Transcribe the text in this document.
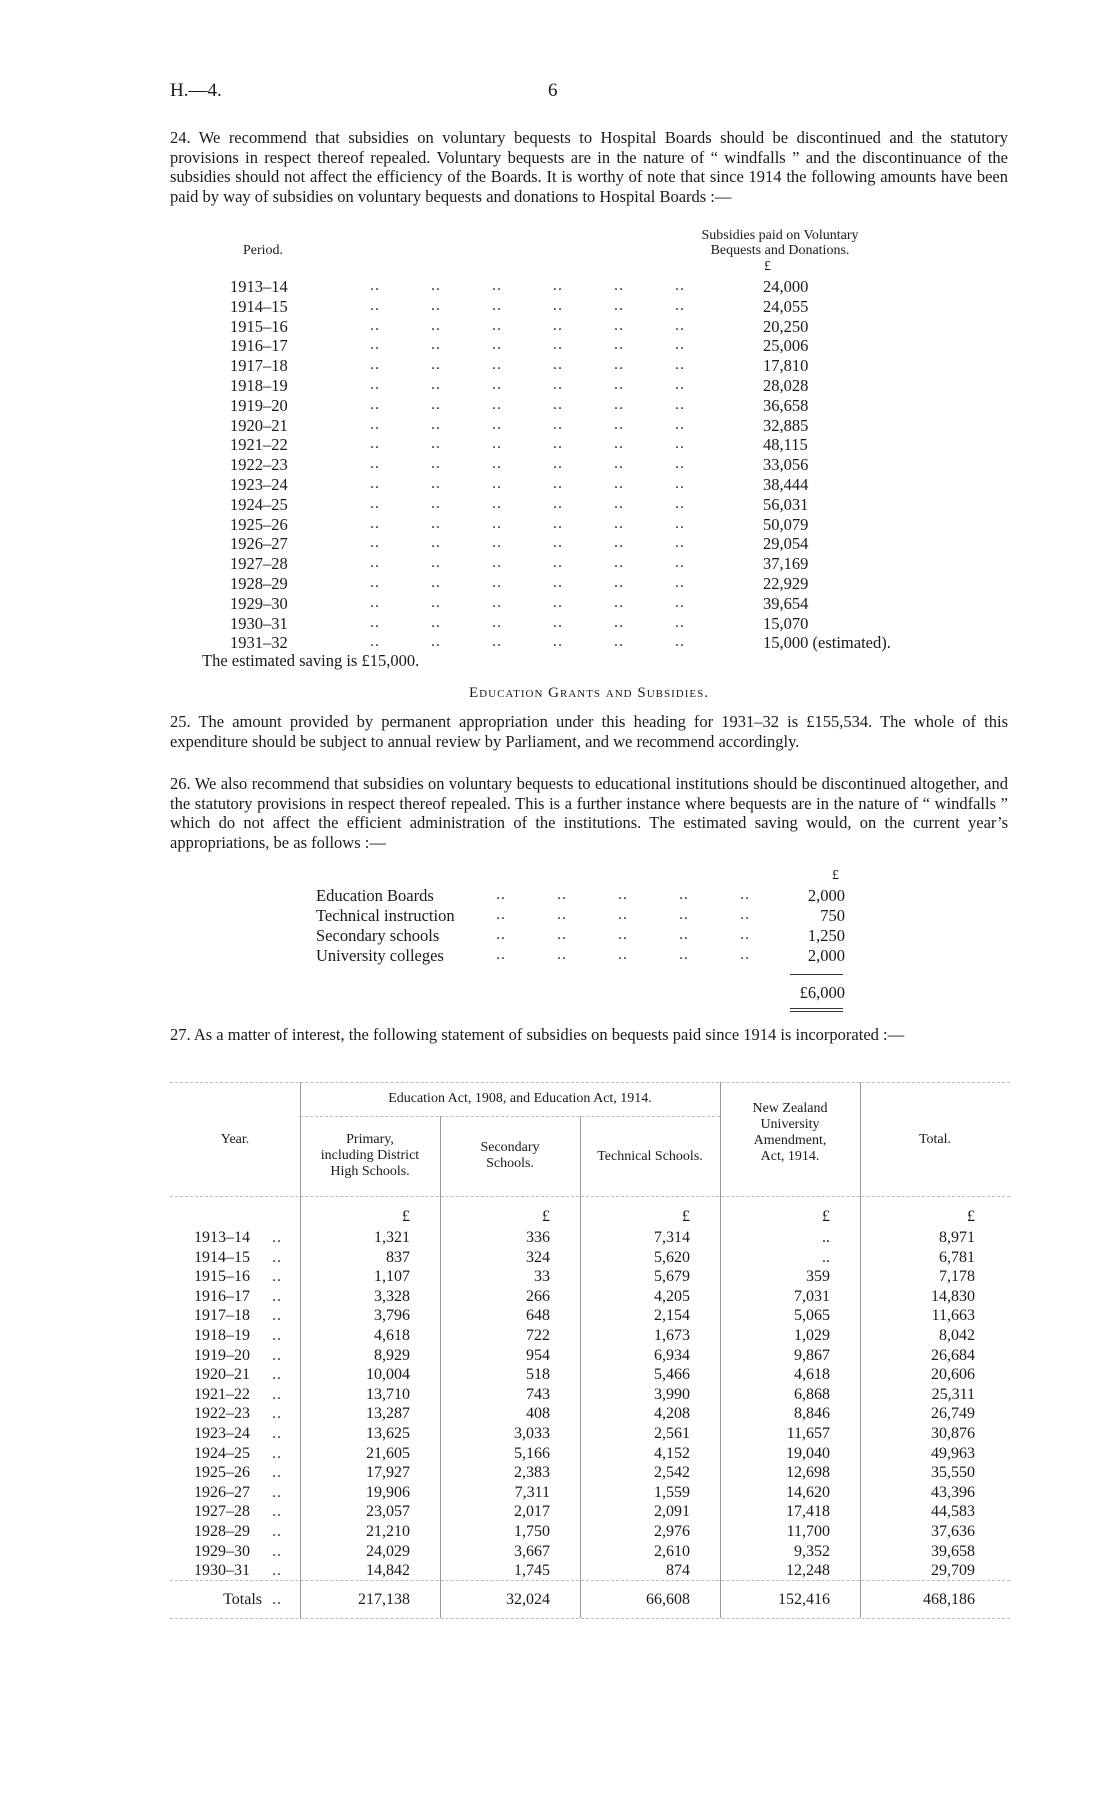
H.—4.	6
24. We recommend that subsidies on voluntary bequests to Hospital Boards should be discontinued and the statutory provisions in respect thereof repealed. Voluntary bequests are in the nature of “ windfalls ” and the discontinuance of the subsidies should not affect the efficiency of the Boards. It is worthy of note that since 1914 the following amounts have been paid by way of subsidies on voluntary bequests and donations to Hospital Boards :—
Period.
Subsidies paid on Voluntary
Bequests and Donations.
£
1913–14	..   ..   ..   ..   ..   ..	24,000
1914–15	..   ..   ..   ..   ..   ..	24,055
1915–16	..   ..   ..   ..   ..   ..	20,250
1916–17	..   ..   ..   ..   ..   ..	25,006
1917–18	..   ..   ..   ..   ..   ..	17,810
1918–19	..   ..   ..   ..   ..   ..	28,028
1919–20	..   ..   ..   ..   ..   ..	36,658
1920–21	..   ..   ..   ..   ..   ..	32,885
1921–22	..   ..   ..   ..   ..   ..	48,115
1922–23	..   ..   ..   ..   ..   ..	33,056
1923–24	..   ..   ..   ..   ..   ..	38,444
1924–25	..   ..   ..   ..   ..   ..	56,031
1925–26	..   ..   ..   ..   ..   ..	50,079
1926–27	..   ..   ..   ..   ..   ..	29,054
1927–28	..   ..   ..   ..   ..   ..	37,169
1928–29	..   ..   ..   ..   ..   ..	22,929
1929–30	..   ..   ..   ..   ..   ..	39,654
1930–31	..   ..   ..   ..   ..   ..	15,070
1931–32	..   ..   ..   ..   ..   ..	15,000 (estimated).
The estimated saving is £15,000.
Education Grants and Subsidies.
25. The amount provided by permanent appropriation under this heading for 1931–32 is £155,534. The whole of this expenditure should be subject to annual review by Parliament, and we recommend accordingly.
26. We also recommend that subsidies on voluntary bequests to educational institutions should be discontinued altogether, and the statutory provisions in respect thereof repealed. This is a further instance where bequests are in the nature of “ windfalls ” which do not affect the efficient administration of the institutions. The estimated saving would, on the current year’s appropriations, be as follows :—
£
Education Boards	..   ..   ..   ..   ..	2,000
Technical instruction	..   ..   ..   ..   ..	750
Secondary schools	..   ..   ..   ..   ..	1,250
University colleges	..   ..   ..   ..   ..	2,000
£6,000
27. As a matter of interest, the following statement of subsidies on bequests paid since 1914 is incorporated :—
Education Act, 1908, and Education Act, 1914.
Year.	Primary,
including District
High Schools.
Secondary
Schools.	Technical Schools.
New Zealand
University
Amendment,
Act, 1914.
Total.
£	£	£	£	£
1913–14 ..	1,321	336	7,314	..	8,971
1914–15 ..	837	324	5,620	..	6,781
1915–16 ..	1,107	33	5,679	359	7,178
1916–17 ..	3,328	266	4,205	7,031	14,830
1917–18 ..	3,796	648	2,154	5,065	11,663
1918–19 ..	4,618	722	1,673	1,029	8,042
1919–20 ..	8,929	954	6,934	9,867	26,684
1920–21 ..	10,004	518	5,466	4,618	20,606
1921–22 ..	13,710	743	3,990	6,868	25,311
1922–23 ..	13,287	408	4,208	8,846	26,749
1923–24 ..	13,625	3,033	2,561	11,657	30,876
1924–25 ..	21,605	5,166	4,152	19,040	49,963
1925–26 ..	17,927	2,383	2,542	12,698	35,550
1926–27 ..	19,906	7,311	1,559	14,620	43,396
1927–28 ..	23,057	2,017	2,091	17,418	44,583
1928–29 ..	21,210	1,750	2,976	11,700	37,636
1929–30 ..	24,029	3,667	2,610	9,352	39,658
1930–31 ..	14,842	1,745	874	12,248	29,709
Totals ..	217,138	32,024	66,608	152,416	468,186
